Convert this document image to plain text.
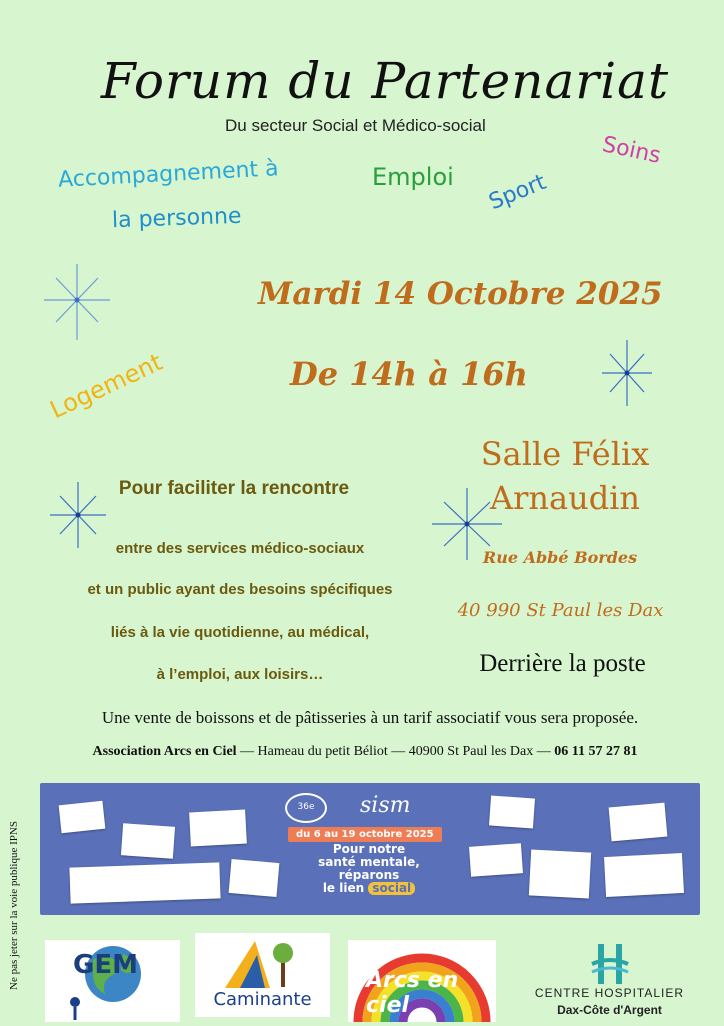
Forum du Partenariat
Du secteur Social et Médico-social
Accompagnement à
la personne
Emploi Sport
Soins
Logement
Mardi 14 Octobre 2025
De 14h à 16h
Salle Félix
Arnaudin
Rue Abbé Bordes
40 990 St Paul les Dax
Derrière la poste
Pour faciliter la rencontre
entre des services médico-sociaux
et un public ayant des besoins spécifiques
liés à la vie quotidienne, au médical,
à l’emploi, aux loisirs…
Une vente de boissons et de pâtisseries à un tarif associatif vous sera proposée.
Association Arcs en Ciel — Hameau du petit Béliot — 40900 St Paul les Dax — 06 11 57 27 81
Ne pas jeter sur la voie publique IPNS
36e	sism
du 6 au 19 octobre 2025
Pour notre
santé mentale,
réparons
le lien social
GEM
Caminante
Arcs en ciel	CENTRE HOSPITALIER
Dax-Côte d'Argent
